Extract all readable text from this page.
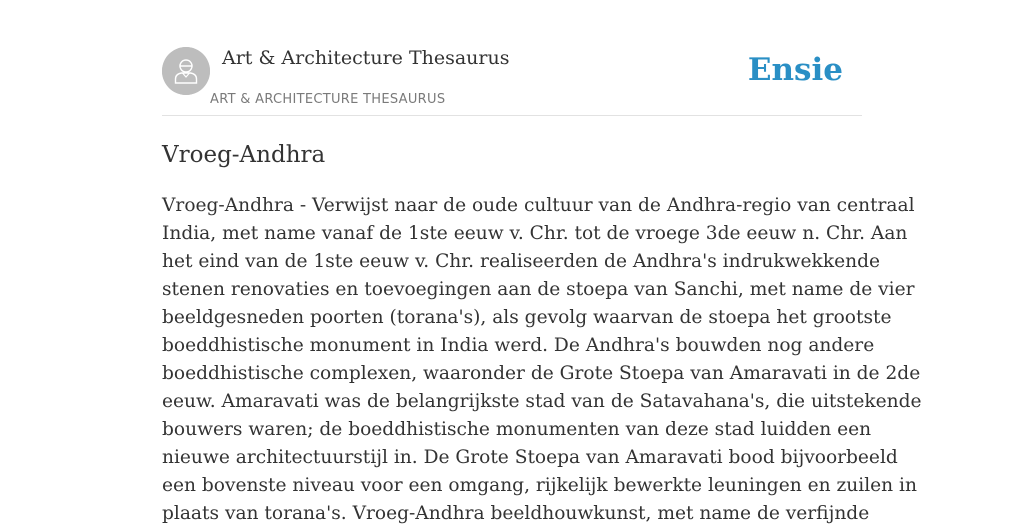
Art & Architecture Thesaurus
ART & ARCHITECTURE THESAURUS
Ensie
Vroeg-Andhra

Vroeg-Andhra - Verwijst naar de oude cultuur van de Andhra-regio van centraal
India, met name vanaf de 1ste eeuw v. Chr. tot de vroege 3de eeuw n. Chr. Aan
het eind van de 1ste eeuw v. Chr. realiseerden de Andhra's indrukwekkende
stenen renovaties en toevoegingen aan de stoepa van Sanchi, met name de vier
beeldgesneden poorten (torana's), als gevolg waarvan de stoepa het grootste
boeddhistische monument in India werd. De Andhra's bouwden nog andere
boeddhistische complexen, waaronder de Grote Stoepa van Amaravati in de 2de
eeuw. Amaravati was de belangrijkste stad van de Satavahana's, die uitstekende
bouwers waren; de boeddhistische monumenten van deze stad luidden een
nieuwe architectuurstijl in. De Grote Stoepa van Amaravati bood bijvoorbeeld
een bovenste niveau voor een omgang, rijkelijk bewerkte leuningen en zuilen in
plaats van torana's. Vroeg-Andhra beeldhouwkunst, met name de verfijnde
